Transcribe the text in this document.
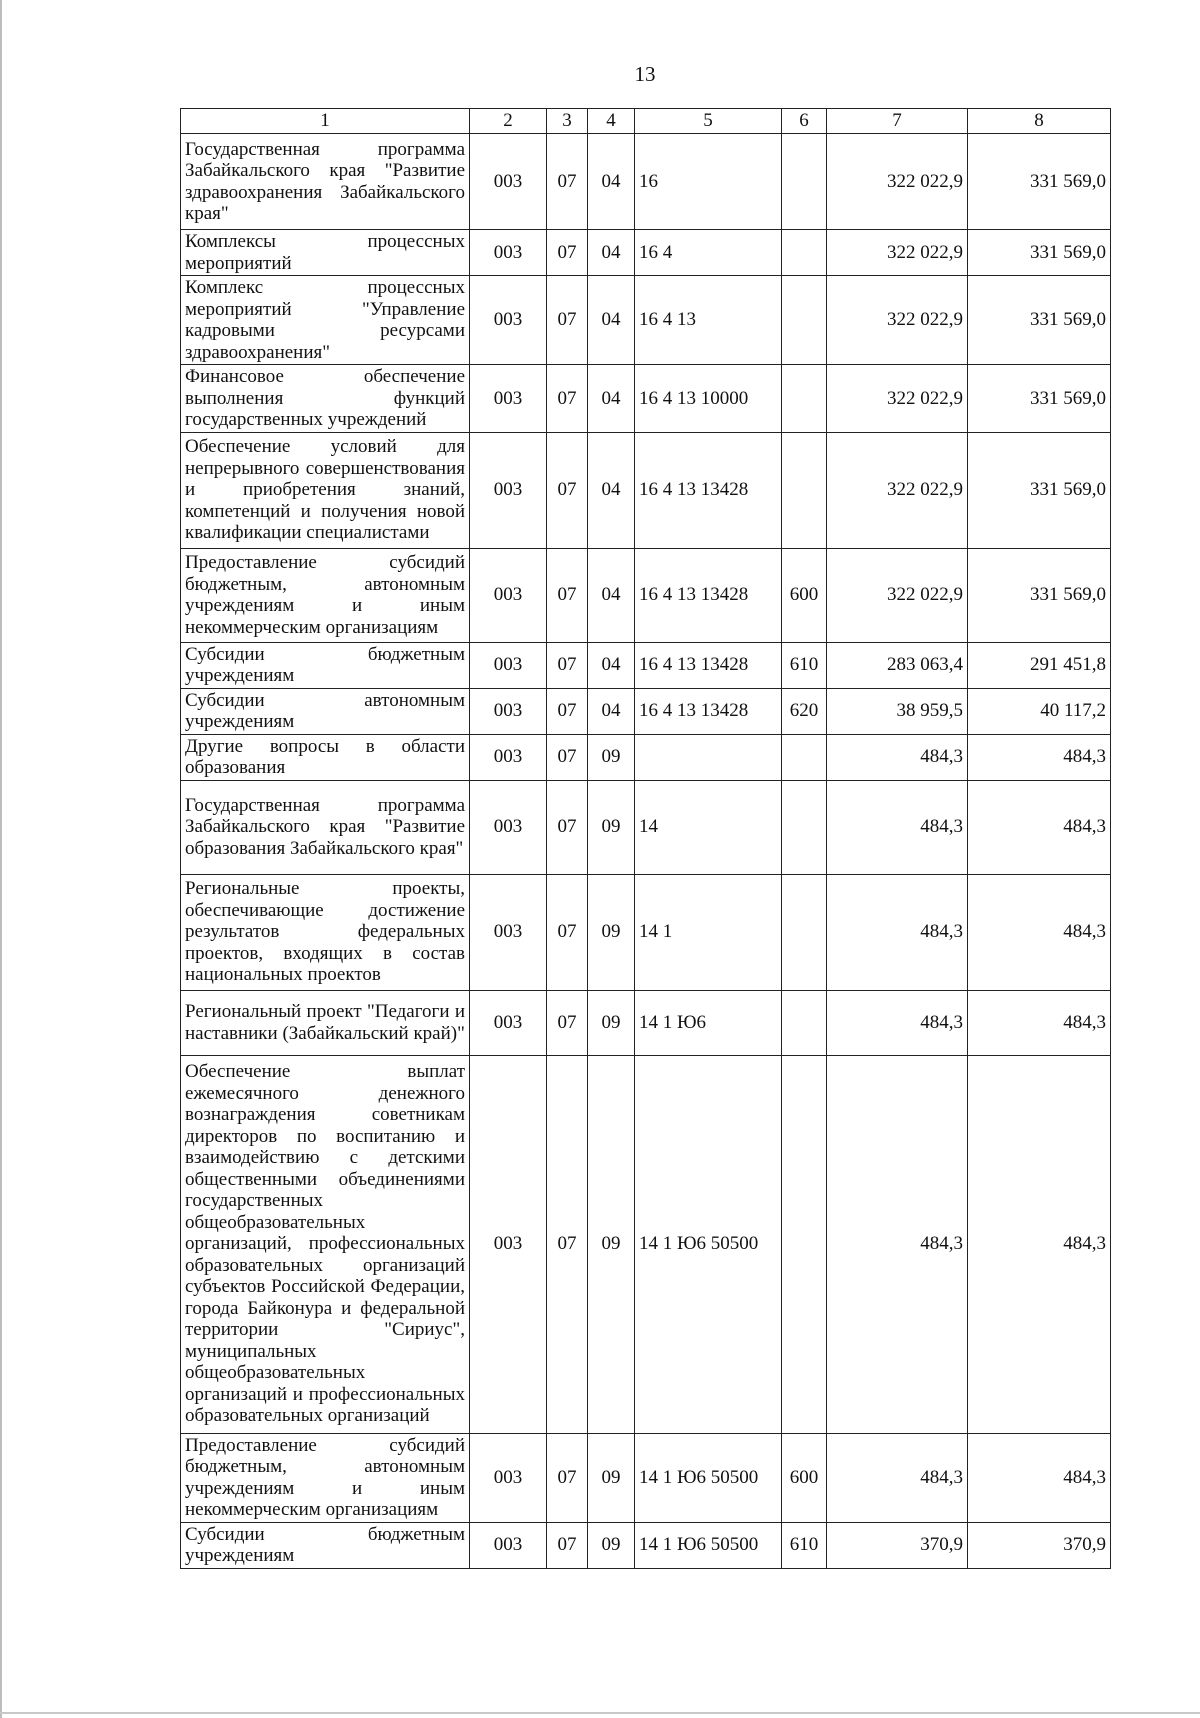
13
1	2	3	4	5	6	7	8
Государственная программа Забайкальского края "Развитие здравоохранения Забайкальского края"	003	07	04	16		322 022,9	331 569,0
Комплексы процессных мероприятий	003	07	04	16 4		322 022,9	331 569,0
Комплекс процессных мероприятий "Управление кадровыми ресурсами здравоохранения"	003	07	04	16 4 13		322 022,9	331 569,0
Финансовое обеспечение выполнения функций государственных учреждений	003	07	04	16 4 13 10000		322 022,9	331 569,0
Обеспечение условий для непрерывного совершенствования и приобретения знаний, компетенций и получения новой квалификации специалистами	003	07	04	16 4 13 13428		322 022,9	331 569,0
Предоставление субсидий бюджетным, автономным учреждениям и иным некоммерческим организациям	003	07	04	16 4 13 13428	600	322 022,9	331 569,0
Субсидии бюджетным учреждениям	003	07	04	16 4 13 13428	610	283 063,4	291 451,8
Субсидии автономным учреждениям	003	07	04	16 4 13 13428	620	38 959,5	40 117,2
Другие вопросы в области образования	003	07	09			484,3	484,3
Государственная программа Забайкальского края "Развитие образования Забайкальского края"	003	07	09	14		484,3	484,3
Региональные проекты, обеспечивающие достижение результатов федеральных проектов, входящих в состав национальных проектов	003	07	09	14 1		484,3	484,3
Региональный проект "Педагоги и наставники (Забайкальский край)"	003	07	09	14 1 Ю6		484,3	484,3
Обеспечение выплат ежемесячного денежного вознаграждения советникам директоров по воспитанию и взаимодействию с детскими общественными объединениями государственных общеобразовательных организаций, профессиональных образовательных организаций субъектов Российской Федерации, города Байконура и федеральной территории "Сириус", муниципальных общеобразовательных организаций и профессиональных образовательных организаций	003	07	09	14 1 Ю6 50500		484,3	484,3
Предоставление субсидий бюджетным, автономным учреждениям и иным некоммерческим организациям	003	07	09	14 1 Ю6 50500	600	484,3	484,3
Субсидии бюджетным учреждениям	003	07	09	14 1 Ю6 50500	610	370,9	370,9
